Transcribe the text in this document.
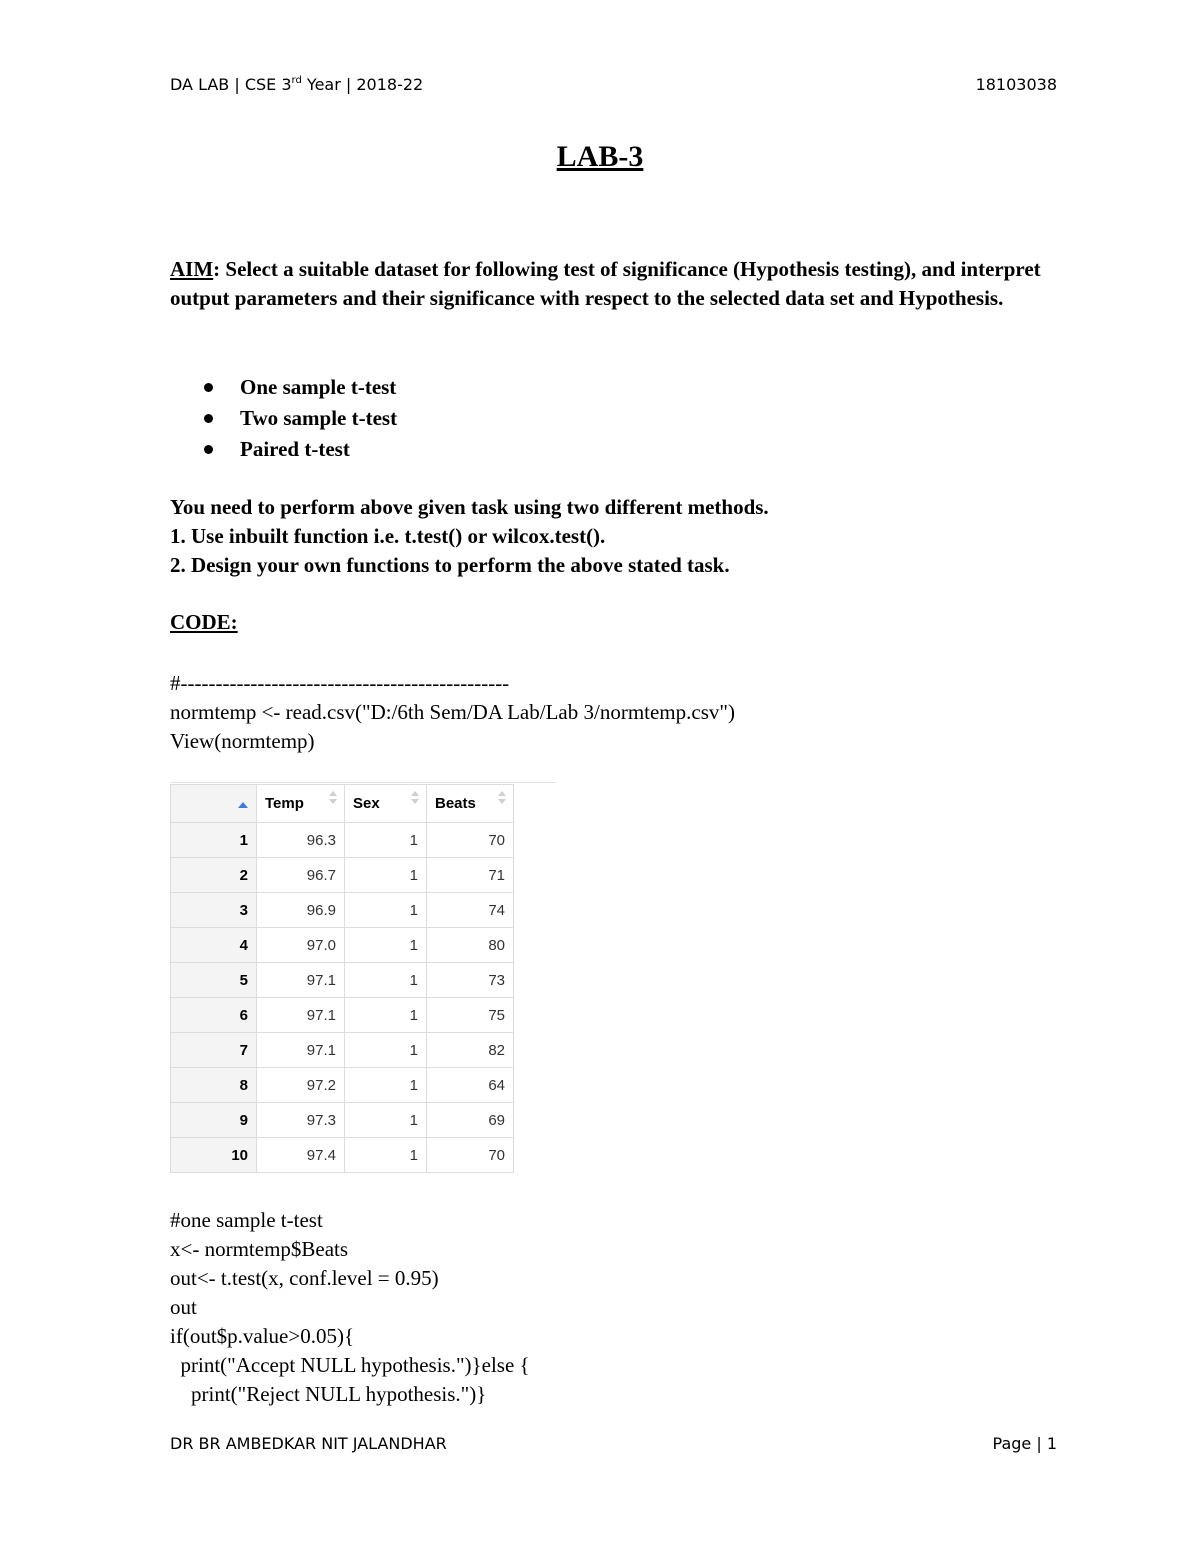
DA LAB | CSE 3rd Year | 2018-22	18103038
LAB-3
AIM: Select a suitable dataset for following test of significance (Hypothesis testing), and interpret output parameters and their significance with respect to the selected data set and Hypothesis.
One sample t-test
Two sample t-test
Paired t-test
You need to perform above given task using two different methods.
1. Use inbuilt function i.e. t.test() or wilcox.test().
2. Design your own functions to perform the above stated task.
CODE:
#-----------------------------------------------
normtemp <- read.csv("D:/6th Sem/DA Lab/Lab 3/normtemp.csv")
View(normtemp)
	Temp	Sex	Beats

1	96.3	1	70
2	96.7	1	71
3	96.9	1	74
4	97.0	1	80
5	97.1	1	73
6	97.1	1	75
7	97.1	1	82
8	97.2	1	64
9	97.3	1	69
10	97.4	1	70
#one sample t-test
x<- normtemp$Beats
out<- t.test(x, conf.level = 0.95)
out
if(out$p.value>0.05){
print("Accept NULL hypothesis.")}else {
print("Reject NULL hypothesis.")}
DR BR AMBEDKAR NIT JALANDHAR	Page | 1
